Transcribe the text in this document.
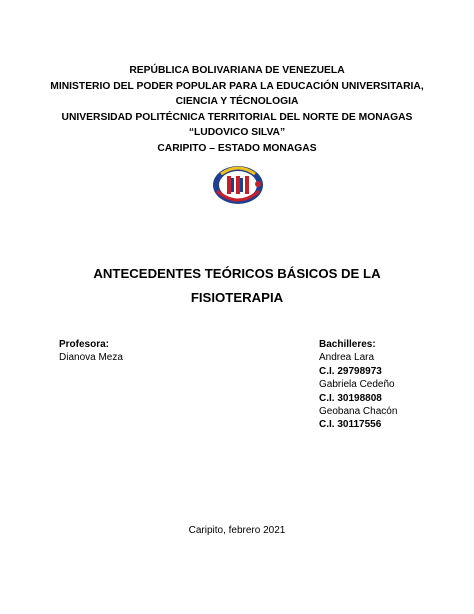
REPÚBLICA BOLIVARIANA DE VENEZUELA
MINISTERIO DEL PODER POPULAR PARA LA EDUCACIÓN UNIVERSITARIA,
CIENCIA Y TÉCNOLOGIA
UNIVERSIDAD POLITÉCNICA TERRITORIAL DEL NORTE DE MONAGAS
“LUDOVICO SILVA”
CARIPITO – ESTADO MONAGAS
ANTECEDENTES TEÓRICOS BÁSICOS DE LA
FISIOTERAPIA
Profesora:
Dianova Meza
Bachilleres:
Andrea Lara
C.I. 29798973
Gabriela Cedeño
C.I. 30198808
Geobana Chacón
C.I. 30117556
Caripito, febrero 2021
